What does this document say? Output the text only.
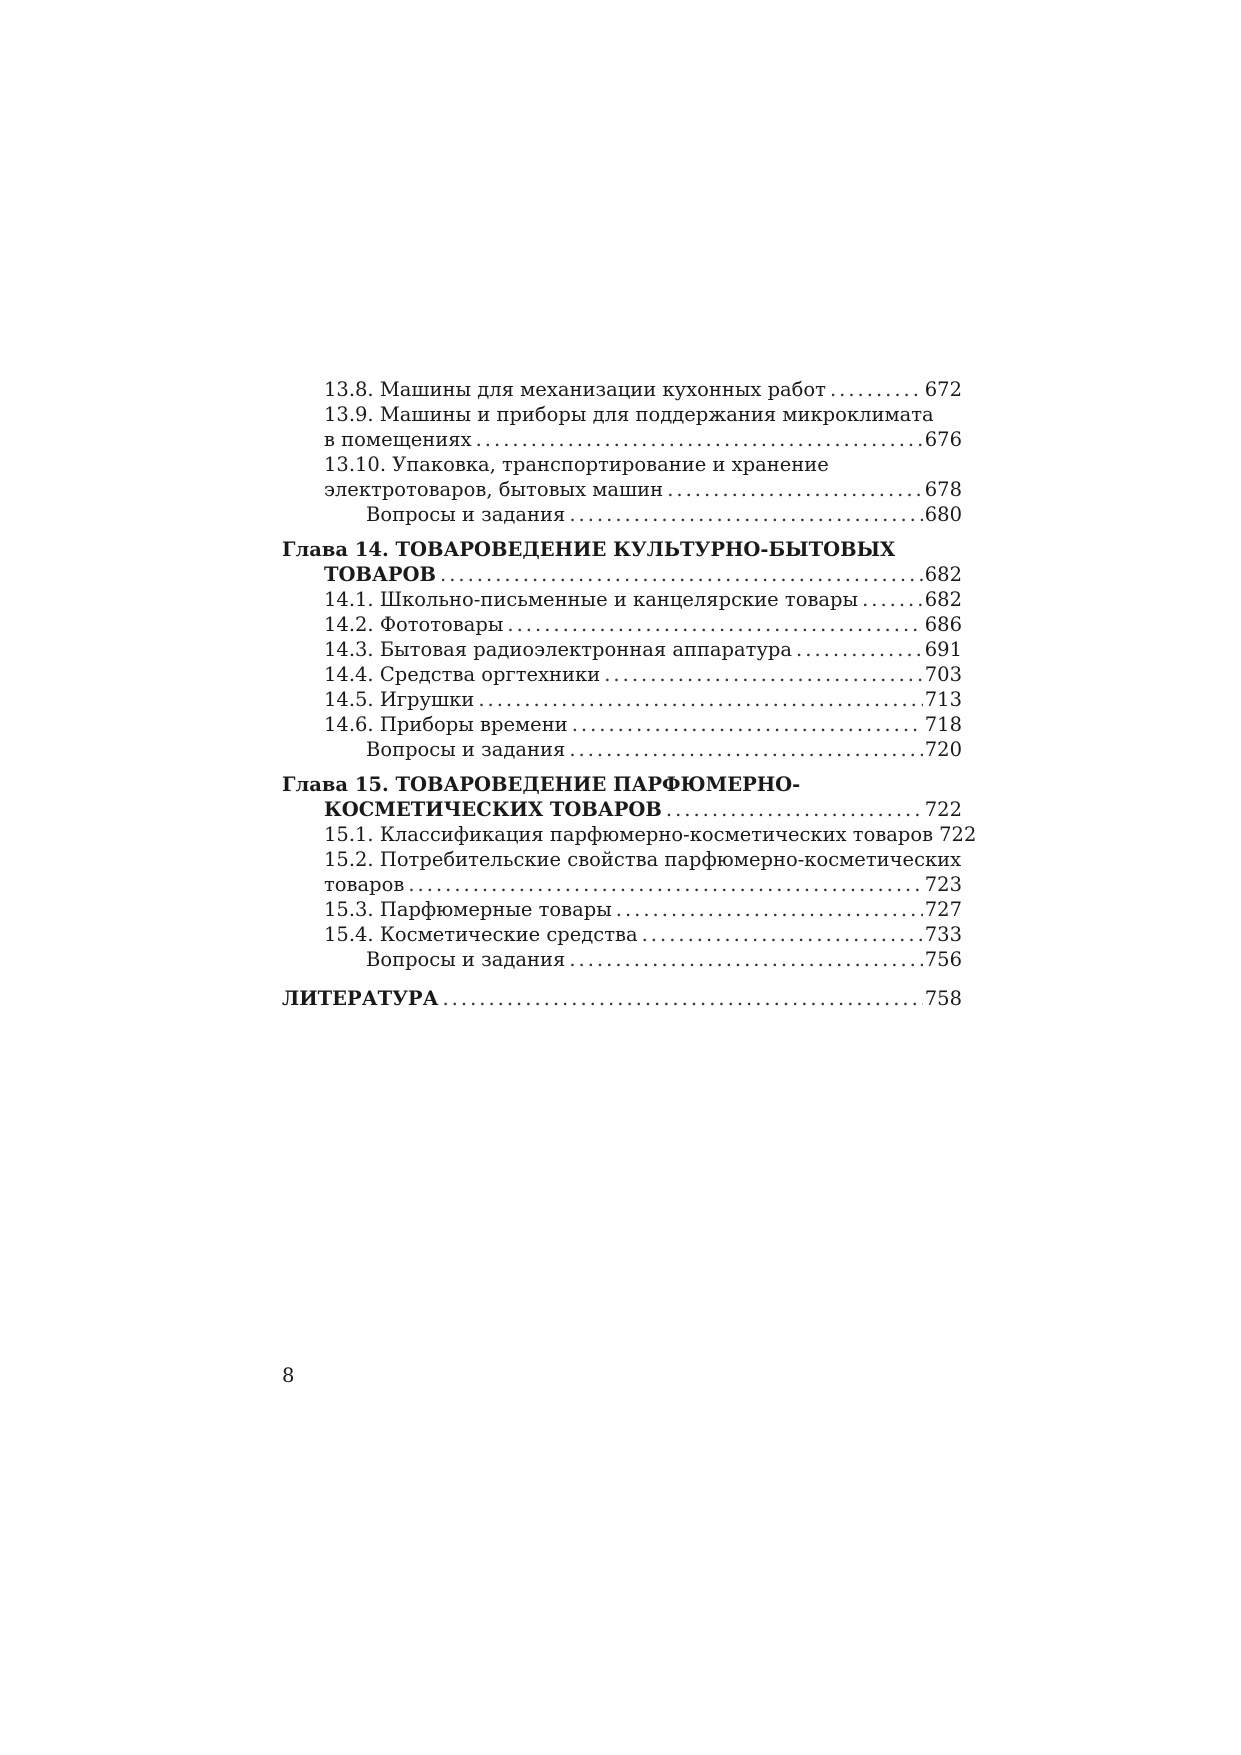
13.8. Машины для механизации кухонных работ .....	672
13.9. Машины и приборы для поддержания микроклимата
в помещениях .....	676
13.10. Упаковка, транспортирование и хранение
электротоваров, бытовых машин .....	678
Вопросы и задания .....	680
Глава 14. ТОВАРОВЕДЕНИЕ КУЛЬТУРНО-БЫТОВЫХ
ТОВАРОВ .....	682
14.1. Школьно-письменные и канцелярские товары .....	682
14.2. Фототовары .....	686
14.3. Бытовая радиоэлектронная аппаратура .....	691
14.4. Средства оргтехники .....	703
14.5. Игрушки .....	713
14.6. Приборы времени .....	718
Вопросы и задания .....	720
Глава 15. ТОВАРОВЕДЕНИЕ ПАРФЮМЕРНО-
КОСМЕТИЧЕСКИХ ТОВАРОВ .....	722
15.1. Классификация парфюмерно-косметических товаров 722
15.2. Потребительские свойства парфюмерно-косметических
товаров .....	723
15.3. Парфюмерные товары .....	727
15.4. Косметические средства .....	733
Вопросы и задания .....	756
ЛИТЕРАТУРА .....	758
8
